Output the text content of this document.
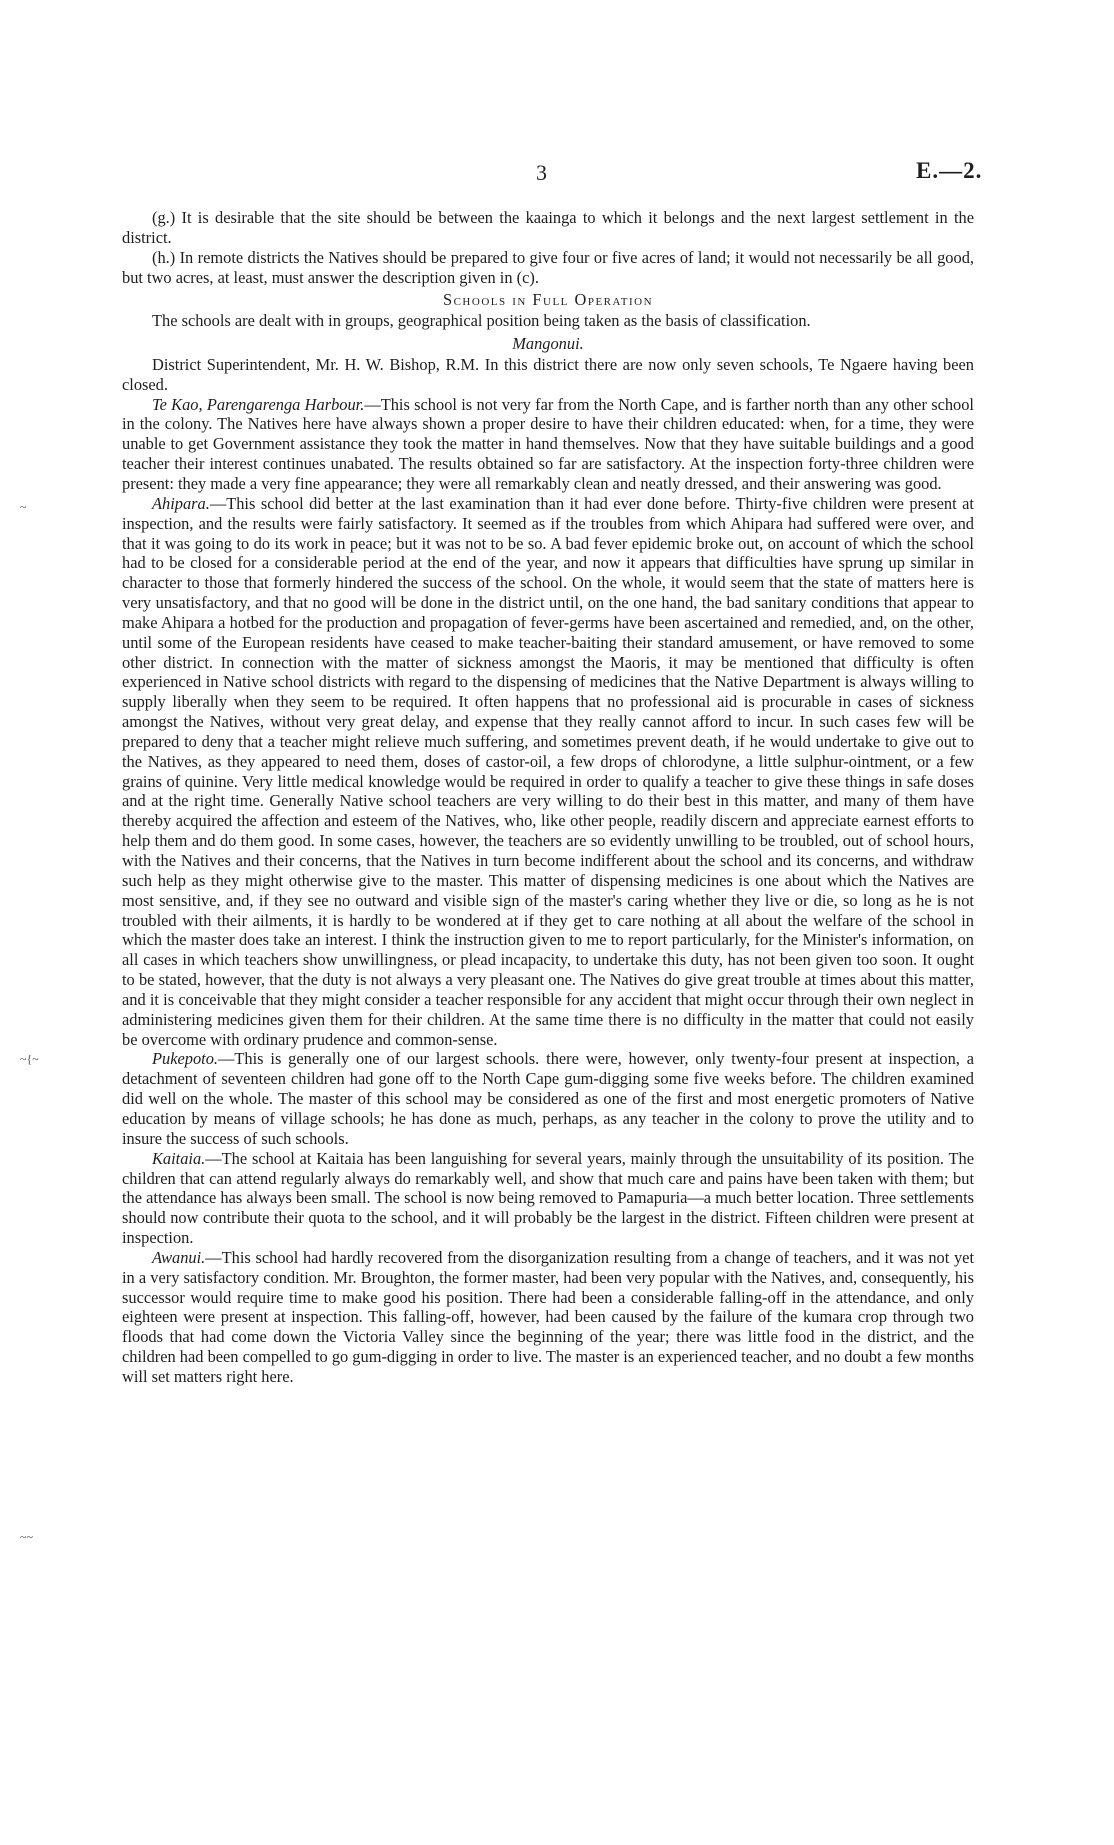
3	E.—2.
~
~{~
~~

(g.) It is desirable that the site should be between the kaainga to which it belongs and the next largest settlement in the district.

(h.) In remote districts the Natives should be prepared to give four or five acres of land; it would not necessarily be all good, but two acres, at least, must answer the description given in (c).

Schools in Full Operation

The schools are dealt with in groups, geographical position being taken as the basis of classification.

Mangonui.

District Superintendent, Mr. H. W. Bishop, R.M. In this district there are now only seven schools, Te Ngaere having been closed.

Te Kao, Parengarenga Harbour.—This school is not very far from the North Cape, and is farther north than any other school in the colony. The Natives here have always shown a proper desire to have their children educated: when, for a time, they were unable to get Government assistance they took the matter in hand themselves. Now that they have suitable buildings and a good teacher their interest continues unabated. The results obtained so far are satisfactory. At the inspection forty-three children were present: they made a very fine appearance; they were all remarkably clean and neatly dressed, and their answering was good.

Ahipara.—This school did better at the last examination than it had ever done before. Thirty-five children were present at inspection, and the results were fairly satisfactory. It seemed as if the troubles from which Ahipara had suffered were over, and that it was going to do its work in peace; but it was not to be so. A bad fever epidemic broke out, on account of which the school had to be closed for a considerable period at the end of the year, and now it appears that difficulties have sprung up similar in character to those that formerly hindered the success of the school. On the whole, it would seem that the state of matters here is very unsatisfactory, and that no good will be done in the district until, on the one hand, the bad sanitary conditions that appear to make Ahipara a hotbed for the production and propagation of fever-germs have been ascertained and remedied, and, on the other, until some of the European residents have ceased to make teacher-baiting their standard amusement, or have removed to some other district. In connection with the matter of sickness amongst the Maoris, it may be mentioned that difficulty is often experienced in Native school districts with regard to the dispensing of medicines that the Native Department is always willing to supply liberally when they seem to be required. It often happens that no professional aid is procurable in cases of sickness amongst the Natives, without very great delay, and expense that they really cannot afford to incur. In such cases few will be prepared to deny that a teacher might relieve much suffering, and sometimes prevent death, if he would undertake to give out to the Natives, as they appeared to need them, doses of castor-oil, a few drops of chlorodyne, a little sulphur-ointment, or a few grains of quinine. Very little medical knowledge would be required in order to qualify a teacher to give these things in safe doses and at the right time. Generally Native school teachers are very willing to do their best in this matter, and many of them have thereby acquired the affection and esteem of the Natives, who, like other people, readily discern and appreciate earnest efforts to help them and do them good. In some cases, however, the teachers are so evidently unwilling to be troubled, out of school hours, with the Natives and their concerns, that the Natives in turn become indifferent about the school and its concerns, and withdraw such help as they might otherwise give to the master. This matter of dispensing medicines is one about which the Natives are most sensitive, and, if they see no outward and visible sign of the master's caring whether they live or die, so long as he is not troubled with their ailments, it is hardly to be wondered at if they get to care nothing at all about the welfare of the school in which the master does take an interest. I think the instruction given to me to report particularly, for the Minister's information, on all cases in which teachers show unwillingness, or plead incapacity, to undertake this duty, has not been given too soon. It ought to be stated, however, that the duty is not always a very pleasant one. The Natives do give great trouble at times about this matter, and it is conceivable that they might consider a teacher responsible for any accident that might occur through their own neglect in administering medicines given them for their children. At the same time there is no difficulty in the matter that could not easily be overcome with ordinary prudence and common-sense.

Pukepoto.—This is generally one of our largest schools. there were, however, only twenty-four present at inspection, a detachment of seventeen children had gone off to the North Cape gum-digging some five weeks before. The children examined did well on the whole. The master of this school may be considered as one of the first and most energetic promoters of Native education by means of village schools; he has done as much, perhaps, as any teacher in the colony to prove the utility and to insure the success of such schools.

Kaitaia.—The school at Kaitaia has been languishing for several years, mainly through the unsuitability of its position. The children that can attend regularly always do remarkably well, and show that much care and pains have been taken with them; but the attendance has always been small. The school is now being removed to Pamapuria—a much better location. Three settlements should now contribute their quota to the school, and it will probably be the largest in the district. Fifteen children were present at inspection.

Awanui.—This school had hardly recovered from the disorganization resulting from a change of teachers, and it was not yet in a very satisfactory condition. Mr. Broughton, the former master, had been very popular with the Natives, and, consequently, his successor would require time to make good his position. There had been a considerable falling-off in the attendance, and only eighteen were present at inspection. This falling-off, however, had been caused by the failure of the kumara crop through two floods that had come down the Victoria Valley since the beginning of the year; there was little food in the district, and the children had been compelled to go gum-digging in order to live. The master is an experienced teacher, and no doubt a few months will set matters right here.
